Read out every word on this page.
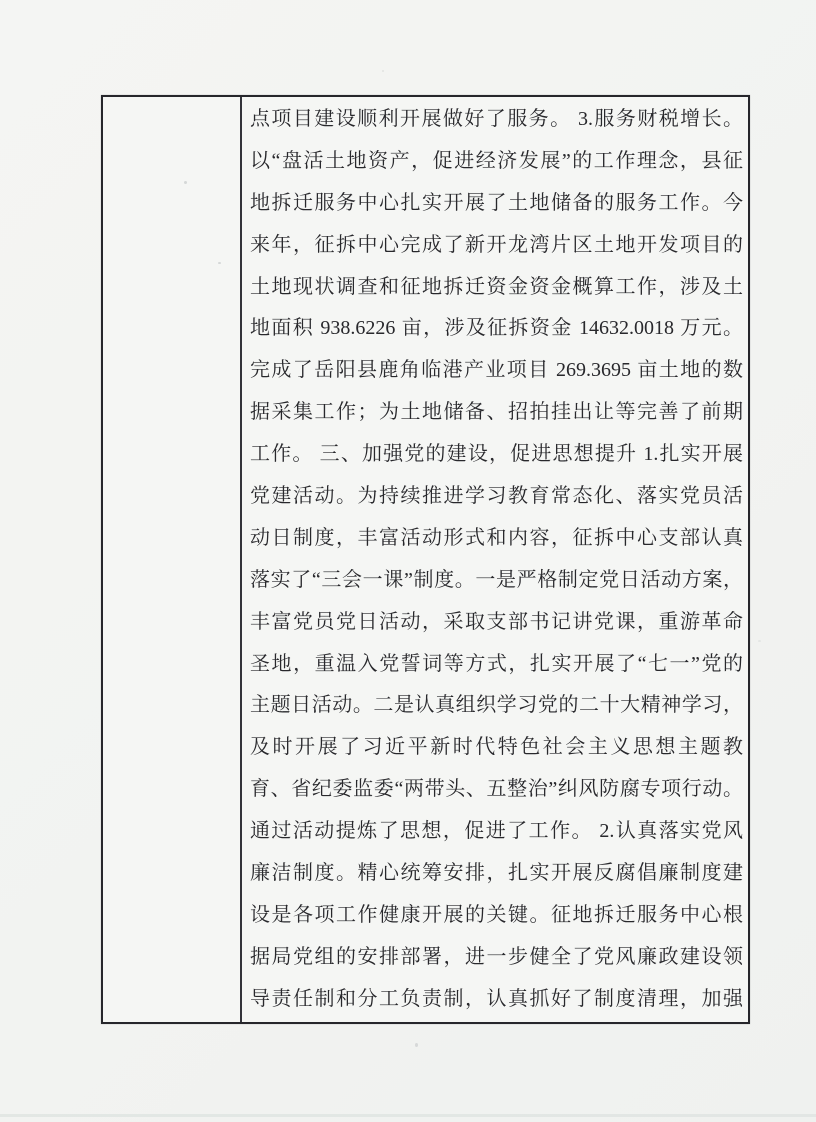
点项目建设顺利开展做好了服务。 3.服务财税增长。
以“盘活土地资产，促进经济发展”的工作理念，县征
地拆迁服务中心扎实开展了土地储备的服务工作。今
来年，征拆中心完成了新开龙湾片区土地开发项目的
土地现状调查和征地拆迁资金资金概算工作，涉及土
地面积 938.6226 亩，涉及征拆资金 14632.0018 万元。
完成了岳阳县鹿角临港产业项目 269.3695 亩土地的数
据采集工作；为土地储备、招拍挂出让等完善了前期
工作。 三、加强党的建设，促进思想提升 1.扎实开展
党建活动。为持续推进学习教育常态化、落实党员活
动日制度，丰富活动形式和内容，征拆中心支部认真
落实了“三会一课”制度。一是严格制定党日活动方案，
丰富党员党日活动，采取支部书记讲党课，重游革命
圣地，重温入党誓词等方式，扎实开展了“七一”党的
主题日活动。二是认真组织学习党的二十大精神学习，
及时开展了习近平新时代特色社会主义思想主题教
育、省纪委监委“两带头、五整治”纠风防腐专项行动。
通过活动提炼了思想，促进了工作。 2.认真落实党风
廉洁制度。精心统筹安排，扎实开展反腐倡廉制度建
设是各项工作健康开展的关键。征地拆迁服务中心根
据局党组的安排部署，进一步健全了党风廉政建设领
导责任制和分工负责制，认真抓好了制度清理，加强
